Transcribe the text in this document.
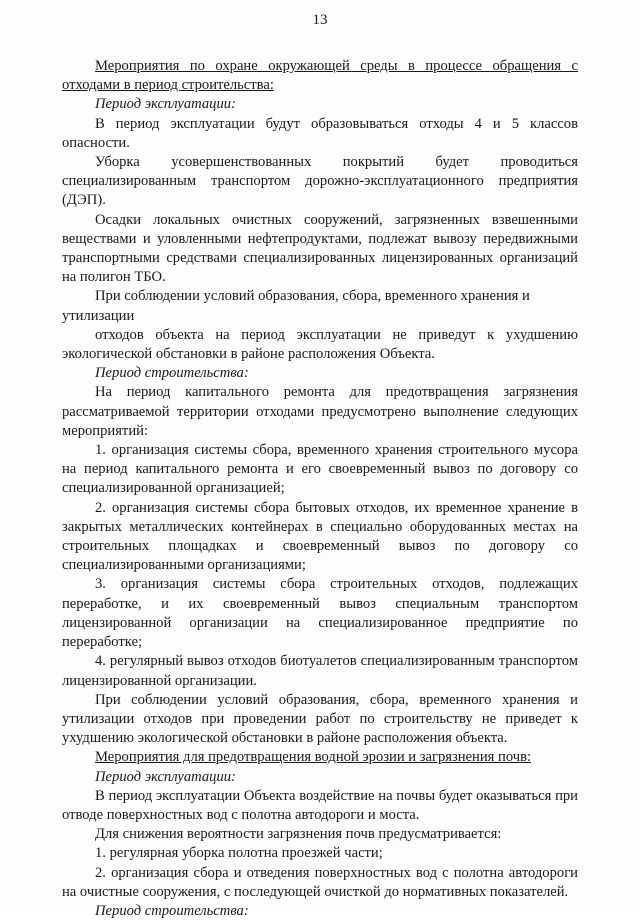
13

Мероприятия по охране окружающей среды в процессе обращения с отходами в период строительства:

Период эксплуатации:

В период эксплуатации будут образовываться отходы 4 и 5 классов опасности.

Уборка усовершенствованных покрытий будет проводиться специализированным транспортом дорожно-эксплуатационного предприятия (ДЭП).

Осадки локальных очистных сооружений, загрязненных взвешенными веществами и уловленными нефтепродуктами, подлежат вывозу передвижными транспортными средствами специализированных лицензированных организаций на полигон ТБО.

При соблюдении условий образования, сбора, временного хранения и утилизации

отходов объекта на период эксплуатации не приведут к ухудшению экологической обстановки в районе расположения Объекта.

Период строительства:

На период капитального ремонта для предотвращения загрязнения рассматриваемой территории отходами предусмотрено выполнение следующих мероприятий:

1. организация системы сбора, временного хранения строительного мусора на период капитального ремонта и его своевременный вывоз по договору со специализированной организацией;

2. организация системы сбора бытовых отходов, их временное хранение в закрытых металлических контейнерах в специально оборудованных местах на строительных площадках и своевременный вывоз по договору со специализированными организациями;

3. организация системы сбора строительных отходов, подлежащих переработке, и их своевременный вывоз специальным транспортом лицензированной организации на специализированное предприятие по переработке;

4. регулярный вывоз отходов биотуалетов специализированным транспортом лицензированной организации.

При соблюдении условий образования, сбора, временного хранения и утилизации отходов при проведении работ по строительству не приведет к ухудшению экологической обстановки в районе расположения объекта.

Мероприятия для предотвращения водной эрозии и загрязнения почв:

Период эксплуатации:

В период эксплуатации Объекта воздействие на почвы будет оказываться при отводе поверхностных вод с полотна автодороги и моста.

Для снижения вероятности загрязнения почв предусматривается:

1. регулярная уборка полотна проезжей части;

2. организация сбора и отведения поверхностных вод с полотна автодороги на очистные сооружения, с последующей очисткой до нормативных показателей.

Период строительства:
